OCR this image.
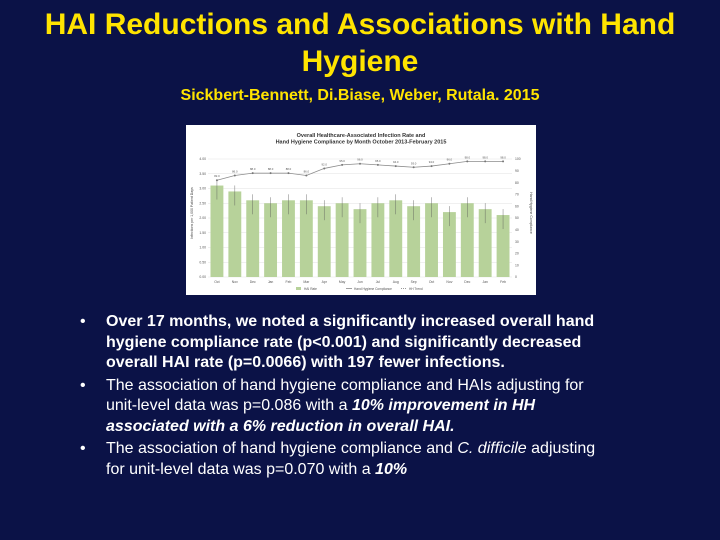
HAI Reductions and Associations with Hand Hygiene
Sickbert-Bennett, Di.Biase, Weber, Rutala. 2015
Overall Healthcare-Associated Infection Rate and Hand Hygiene Compliance by Month October 2013-February 2015
Infections per 1,000 Patient Days	Hand Hygiene Compliance
82.0
86.0
88.0	88.0	88.0
86.0
92.0
95.0	96.0	95.0	94.0	93.0	94.0
96.0
98.0	98.0	98.0
0.00
0.50
1.00
1.50
2.00
2.50
3.00
3.50
4.00
0
10
20
30
40
50
60
70
80
90
100
Oct	Nov	Dec	Jan	Feb	Mar	Apr	May	Jun	Jul	Aug	Sep	Oct	Nov	Dec	Jan	Feb
HAI Rate	Hand Hygiene Compliance	HH Trend
• Over 17 months, we noted a significantly increased overall hand hygiene compliance rate (p<0.001) and significantly decreased overall HAI rate (p=0.0066) with 197 fewer infections.
• The association of hand hygiene compliance and HAIs adjusting for unit-level data was p=0.086 with a 10% improvement in HH associated with a 6% reduction in overall HAI.
• The association of hand hygiene compliance and C. difficile adjusting for unit-level data was p=0.070 with a 10%
